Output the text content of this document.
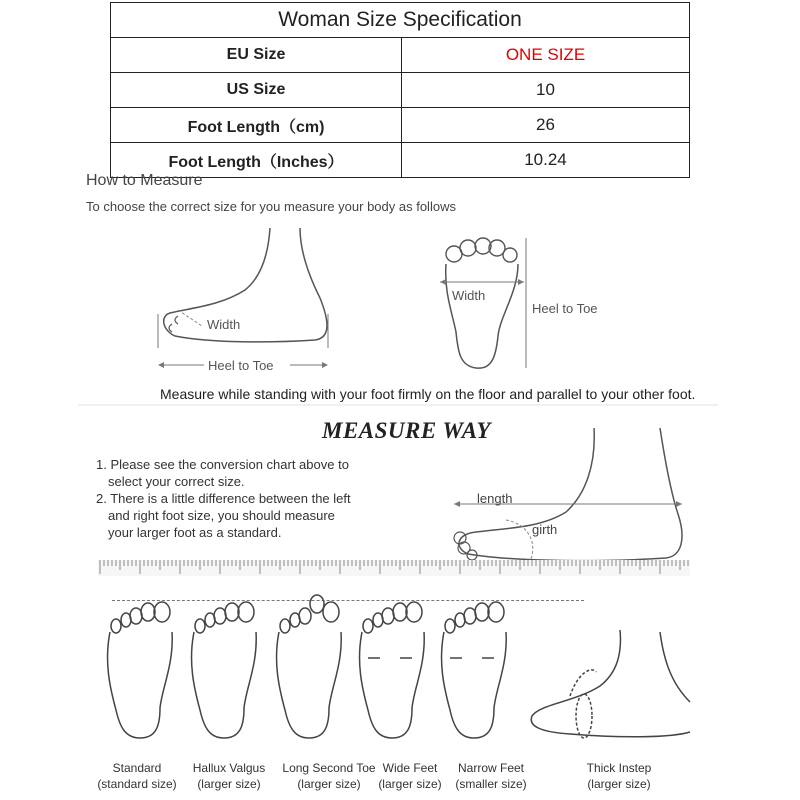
Woman Size Specification	
EU Size	ONE SIZE
US Size	10
Foot Length（cm)	26
Foot Length（Inches）	10.24
How to Measure
To choose the correct size for you measure your body as follows
Width
Heel to Toe
Width
Heel to Toe
Measure while standing with your foot firmly on the floor and parallel to your other foot.
MEASURE WAY
1. Please see the conversion chart above to
select your correct size.
2. There is a little difference between the left
and right foot size, you should measure
your larger foot as a standard.
length
girth
Standard
(standard size)
Hallux Valgus
(larger size)
Long Second Toe
(larger size)
Wide Feet
(larger size)
Narrow Feet
(smaller size)
Thick Instep
(larger size)
